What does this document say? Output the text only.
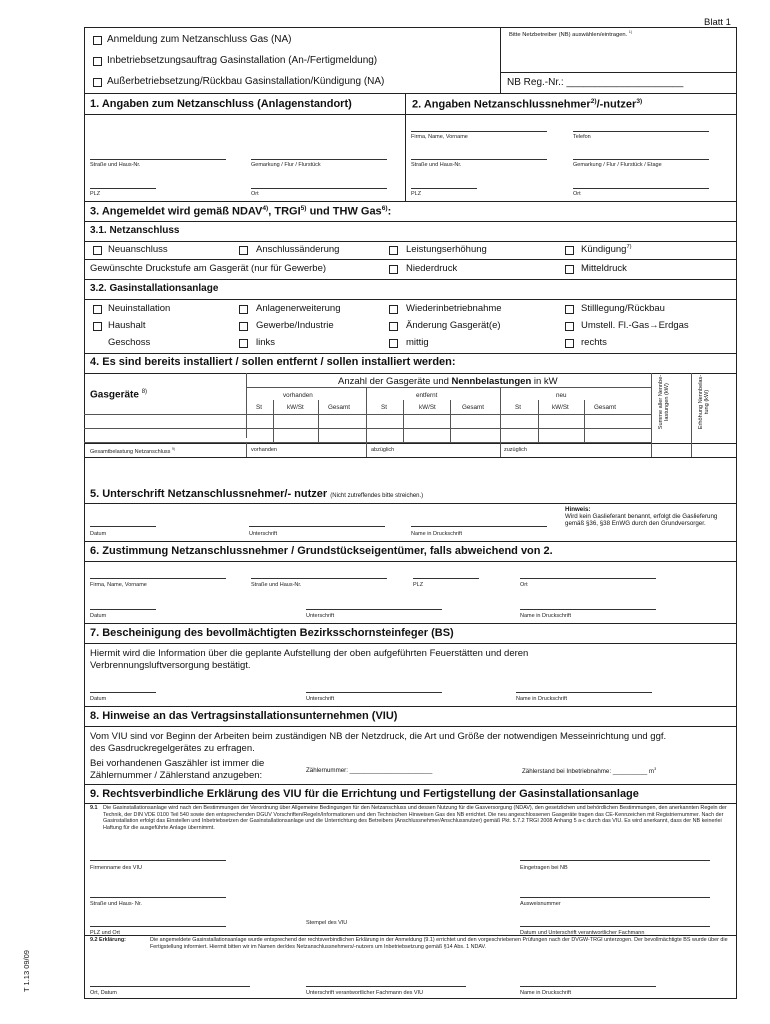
Blatt 1
T 1.13 09/09
Anmeldung zum Netzanschluss Gas (NA)
Inbetriebsetzungsauftrag Gasinstallation (An-/Fertigmeldung)
Außerbetriebsetzung/Rückbau Gasinstallation/Kündigung (NA)
Bitte Netzbetreiber (NB) auswählen/eintragen. $^{1)}$
NB Reg.-Nr.: _____________________
1. Angaben zum Netzanschluss (Anlagenstandort)	2. Angaben Netzanschlussnehmer$^{2)}$/-nutzer$^{3)}$
Straße und Haus-Nr.	Gemarkung / Flur / Flurstück
PLZ	Ort
Firma, Name, Vorname	Telefon
Straße und Haus-Nr.	Gemarkung / Flur / Flurstück / Etage
PLZ	Ort
3. Angemeldet wird gemäß NDAV$^{4)}$, TRGI$^{5)}$ und THW Gas$^{6)}$:
3.1. Netzanschluss
Neuanschluss	Anschlussänderung	Leistungserhöhung	Kündigung$^{7)}$
Gewünschte Druckstufe am Gasgerät (nur für Gewerbe)	Niederdruck	Mitteldruck
3.2. Gasinstallationsanlage
Neuinstallation	Anlagenerweiterung	Wiederinbetriebnahme	Stilllegung/Rückbau
Haushalt	Gewerbe/Industrie	Änderung Gasgerät(e)	Umstell. Fl.-Gas→Erdgas
Geschoss	links	mittig	rechts
4. Es sind bereits installiert / sollen entfernt / sollen installiert werden:
Anzahl der Gasgeräte und Nennbelastungen in kW
Gasgeräte $^{8)}$	vorhanden	entfernt	neu
St	kW/St	Gesamt	St	kW/St	Gesamt	St	kW/St	Gesamt	Summe aller Nennbe-
lastungen (kW)	Erhöhung Nennbelas-
tung (kW)
Gesamtbelastung Netzanschluss $^{9)}$	vorhanden	abzüglich	zuzüglich
5. Unterschrift Netzanschlussnehmer/- nutzer (Nicht zutreffendes bitte streichen.)
Datum	Unterschrift	Name in Druckschrift
Hinweis:
Wird kein Gaslieferant benannt, erfolgt die Gaslieferung gemäß §36, §38 EnWG durch den Grundversorger.
6. Zustimmung Netzanschlussnehmer / Grundstückseigentümer, falls abweichend von 2.
Firma, Name, Vorname	Straße und Haus-Nr.	PLZ	Ort
Datum	Unterschrift	Name in Druckschrift
7. Bescheinigung des bevollmächtigten Bezirksschornsteinfeger (BS)
Hiermit wird die Information über die geplante Aufstellung der oben aufgeführten Feuerstätten und deren
Verbrennungsluftversorgung bestätigt.
Datum	Unterschrift	Name in Druckschrift
8. Hinweise an das Vertragsinstallationsunternehmen (VIU)
Vom VIU sind vor Beginn der Arbeiten beim zuständigen NB der Netzdruck, die Art und Größe der notwendigen Messeinrichtung und ggf.
des Gasdruckregelgerätes zu erfragen.
Bei vorhandenen Gaszähler ist immer die
Zählernummer / Zählerstand anzugeben:	Zählernummer: ________________________	Zählerstand bei Inbetriebnahme: __________ $m^3$
9. Rechtsverbindliche Erklärung des VIU für die Errichtung und Fertigstellung der Gasinstallationsanlage
9.1 Die Gasinstallationsanlage wird nach den Bestimmungen der Verordnung über Allgemeine Bedingungen für den Netzanschluss und dessen Nutzung für die Gasversorgung (NDAV), den gesetzlichen und behördlichen Bestimmungen, den anerkannten Regeln der Technik, der DIN VDE 0100 Teil 540 sowie den entsprechenden DGUV Vorschriften/Regeln/Informationen und den Technischen Hinweisen Gas des NB errichtet. Die neu angeschlossenen Gasgeräte tragen das CE-Kennzeichen mit Registriernummer. Nach der Gasinstallation erfolgt das Einstellen und Inbetriebsetzen der Gasinstallationsanlage und die Unterrichtung des Betreibers (Anschlussnehmer/Anschlussnutzer) gemäß Pkt. 5.7.2 TRGI 2008 Anhang 5 a-c durch das VIU. Es wird anerkannt, dass der NB keinerlei Haftung für die ausgeführte Anlage übernimmt.
Firmenname des VIU	Eingetragen bei NB
Straße und Haus- Nr.	Ausweisnummer
Stempel des VIU
PLZ und Ort	Datum und Unterschrift verantwortlicher Fachmann
9.2 Erklärung:	Die angemeldete Gasinstallationsanlage wurde entsprechend der rechtsverbindlichen Erklärung in der Anmeldung (9.1) errichtet und den vorgeschriebenen Prüfungen nach der DVGW-TRGI unterzogen. Der bevollmächtigte BS wurde über die Fertigstellung informiert. Hiermit bitten wir im Namen der/des Netzanschlussnehmers/-nutzers um Inbetriebsetzung gemäß §14 Abs. 1 NDAV.
Ort, Datum	Unterschrift verantwortlicher Fachmann des VIU	Name in Druckschrift
